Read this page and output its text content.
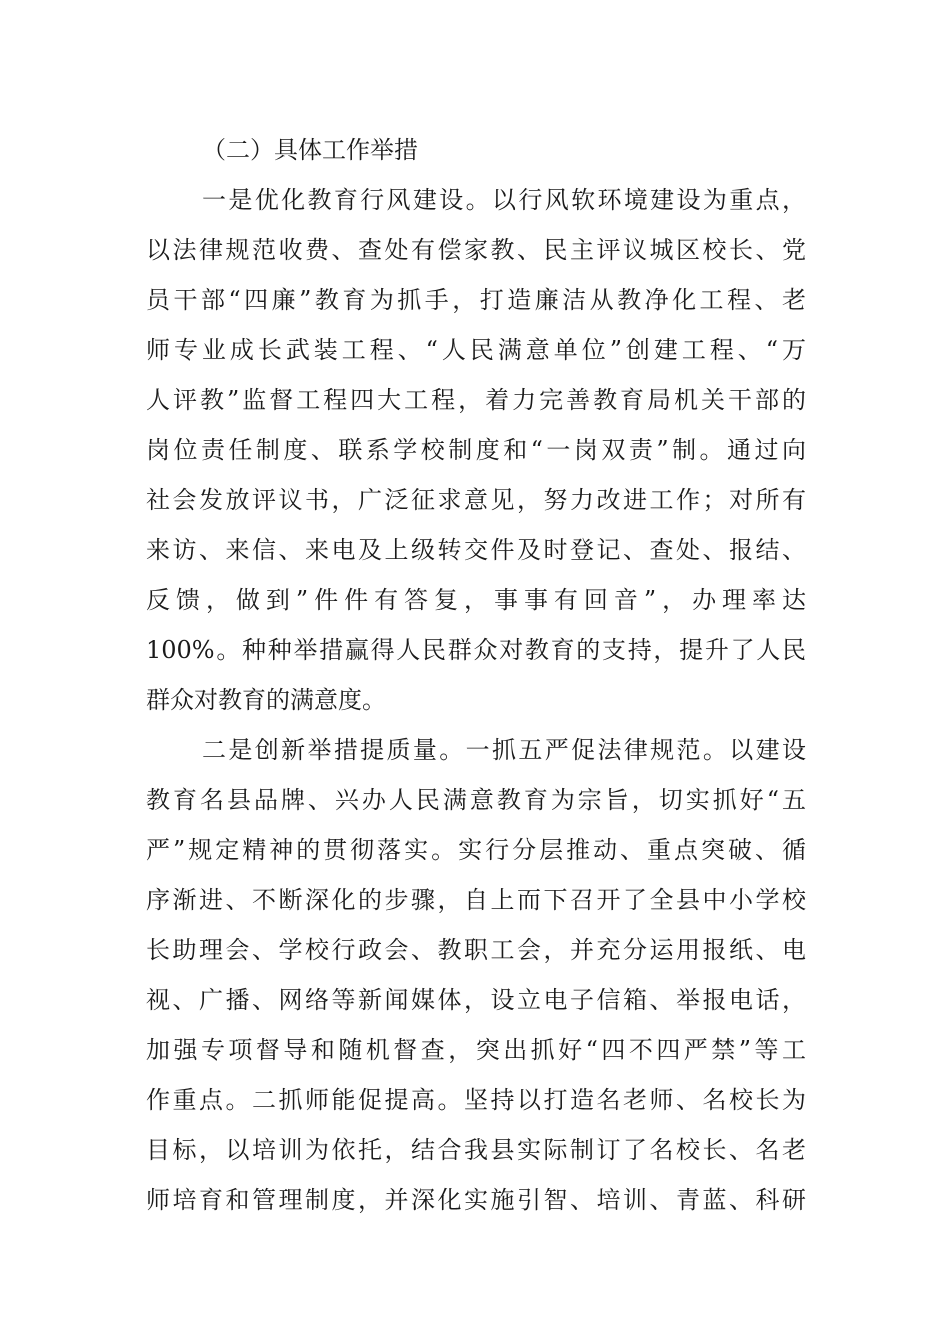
（二）具体工作举措
一是优化教育行风建设。以行风软环境建设为重点，
以法律规范收费、查处有偿家教、民主评议城区校长、党
员干部“四廉”教育为抓手，打造廉洁从教净化工程、老
师专业成长武装工程、“人民满意单位”创建工程、“万
人评教”监督工程四大工程，着力完善教育局机关干部的
岗位责任制度、联系学校制度和“一岗双责”制。通过向
社会发放评议书，广泛征求意见，努力改进工作；对所有
来访、来信、来电及上级转交件及时登记、查处、报结、
反馈，做到”件件有答复，事事有回音”，办理率达
100%。种种举措赢得人民群众对教育的支持，提升了人民
群众对教育的满意度。
二是创新举措提质量。一抓五严促法律规范。以建设
教育名县品牌、兴办人民满意教育为宗旨，切实抓好“五
严”规定精神的贯彻落实。实行分层推动、重点突破、循
序渐进、不断深化的步骤，自上而下召开了全县中小学校
长助理会、学校行政会、教职工会，并充分运用报纸、电
视、广播、网络等新闻媒体，设立电子信箱、举报电话，
加强专项督导和随机督查，突出抓好“四不四严禁”等工
作重点。二抓师能促提高。坚持以打造名老师、名校长为
目标，以培训为依托，结合我县实际制订了名校长、名老
师培育和管理制度，并深化实施引智、培训、青蓝、科研
